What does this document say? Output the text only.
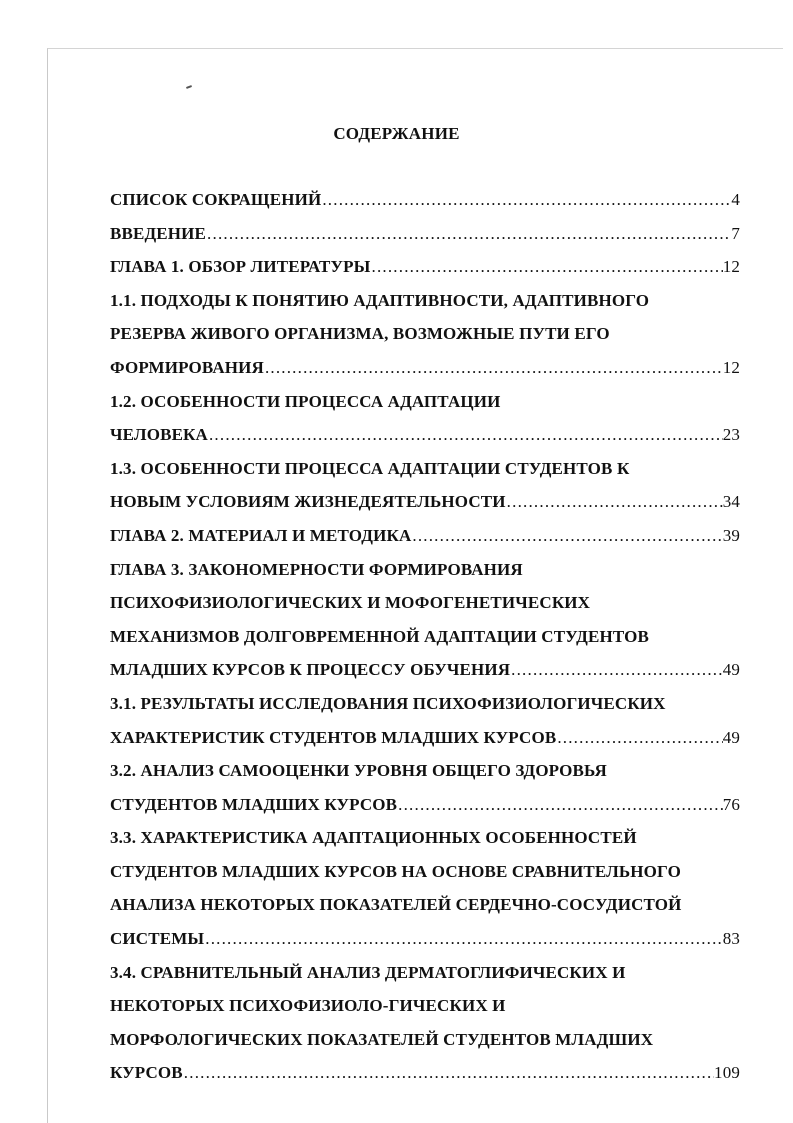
СОДЕРЖАНИЕ
СПИСОК СОКРАЩЕНИЙ .....	4
ВВЕДЕНИЕ .....	7
ГЛАВА 1. ОБЗОР ЛИТЕРАТУРЫ .....	12
1.1. ПОДХОДЫ К ПОНЯТИЮ АДАПТИВНОСТИ, АДАПТИВНОГО
РЕЗЕРВА ЖИВОГО ОРГАНИЗМА, ВОЗМОЖНЫЕ ПУТИ ЕГО
ФОРМИРОВАНИЯ .....	12
1.2. ОСОБЕННОСТИ ПРОЦЕССА АДАПТАЦИИ
ЧЕЛОВЕКА .....	23
1.3. ОСОБЕННОСТИ ПРОЦЕССА АДАПТАЦИИ СТУДЕНТОВ К
НОВЫМ УСЛОВИЯМ ЖИЗНЕДЕЯТЕЛЬНОСТИ .....	34
ГЛАВА 2. МАТЕРИАЛ И МЕТОДИКА .....	39
ГЛАВА 3. ЗАКОНОМЕРНОСТИ ФОРМИРОВАНИЯ
ПСИХОФИЗИОЛОГИЧЕСКИХ И МОФОГЕНЕТИЧЕСКИХ
МЕХАНИЗМОВ ДОЛГОВРЕМЕННОЙ АДАПТАЦИИ СТУДЕНТОВ
МЛАДШИХ КУРСОВ К ПРОЦЕССУ ОБУЧЕНИЯ .....	49
3.1. РЕЗУЛЬТАТЫ ИССЛЕДОВАНИЯ ПСИХОФИЗИОЛОГИЧЕСКИХ
ХАРАКТЕРИСТИК СТУДЕНТОВ МЛАДШИХ КУРСОВ .....	49
3.2. АНАЛИЗ САМООЦЕНКИ УРОВНЯ ОБЩЕГО ЗДОРОВЬЯ
СТУДЕНТОВ МЛАДШИХ КУРСОВ .....	76
3.3. ХАРАКТЕРИСТИКА АДАПТАЦИОННЫХ ОСОБЕННОСТЕЙ
СТУДЕНТОВ МЛАДШИХ КУРСОВ НА ОСНОВЕ СРАВНИТЕЛЬНОГО
АНАЛИЗА НЕКОТОРЫХ ПОКАЗАТЕЛЕЙ СЕРДЕЧНО-СОСУДИСТОЙ
СИСТЕМЫ .....	83
3.4. СРАВНИТЕЛЬНЫЙ АНАЛИЗ ДЕРМАТОГЛИФИЧЕСКИХ И
НЕКОТОРЫХ ПСИХОФИЗИОЛО-ГИЧЕСКИХ И
МОРФОЛОГИЧЕСКИХ ПОКАЗАТЕЛЕЙ СТУДЕНТОВ МЛАДШИХ
КУРСОВ .....	109
